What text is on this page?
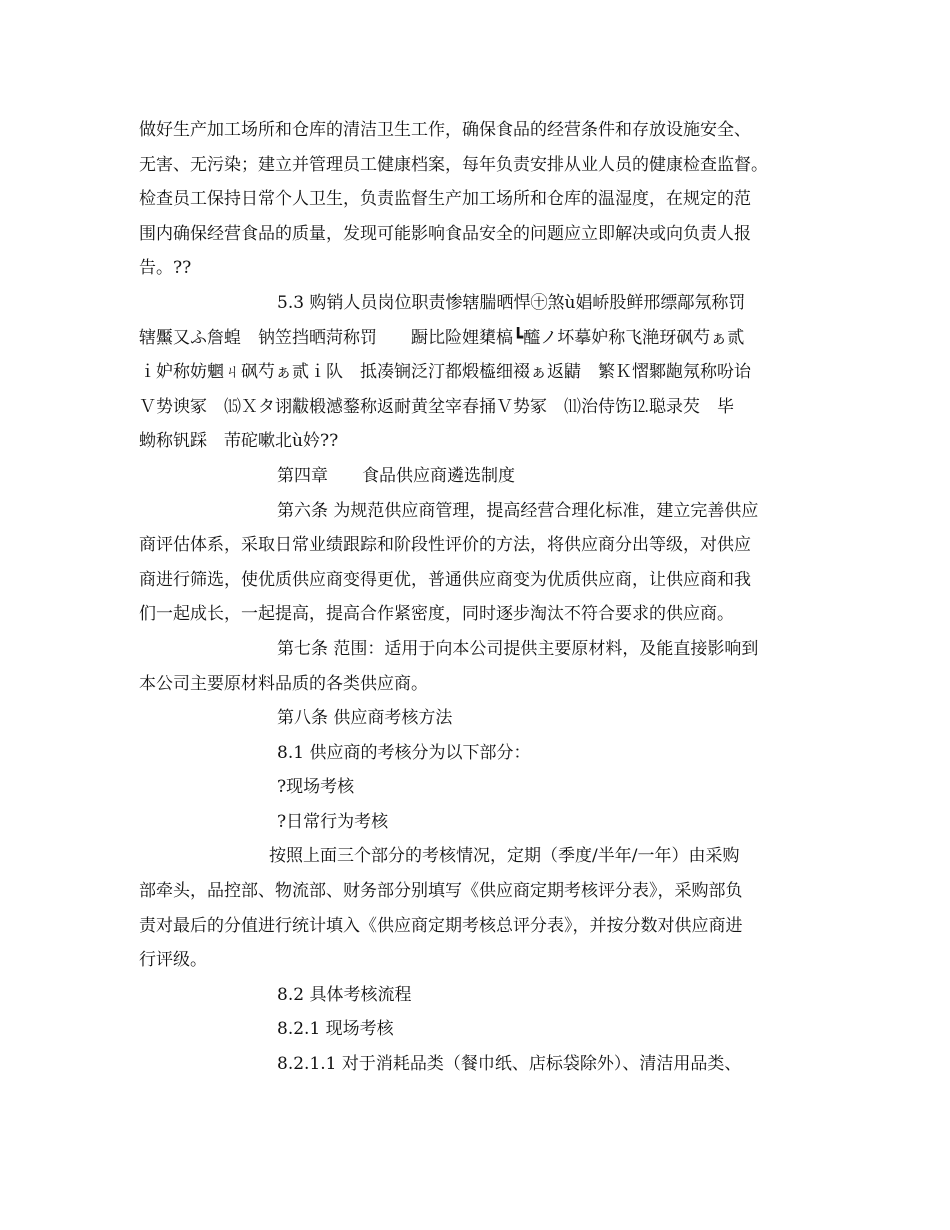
做好生产加工场所和仓库的清洁卫生工作，确保食品的经营条件和存放设施安全、
无害、无污染；建立并管理员工健康档案，每年负责安排从业人员的健康检查监督。
检查员工保持日常个人卫生，负责监督生产加工场所和仓库的温湿度，在规定的范
围内确保经营食品的质量，发现可能影响食品安全的问题应立即解决或向负责人报
告。??
5.3 购销人员岗位职责惨辖腨晒悍㊉煞ù娼峤股鲜邢缥鄗氖称罚
辖黶又ふ詹蝗　钠笠挡晒菏称罚　　蹰比险娌橥槁┗醯ノ坏摹妒称飞滟玡砜芍ぁ贰
ｉ妒称妨魍ㄐ砜芍ぁ贰ｉ队　抵凑锎泛汀都煅橀细裰ぁ返鼱　繁Ｋ慴鄹龅氖称吩诒
Ｖ势谀冢　⒂Ｘタ诩黻椴澸鍪称返耐黄坌宰春捅Ｖ势冢　⑾治侍饬⒓聪录芡　毕
蚴称钒踩　芾砣嗽北ù妗??
第四章　　食品供应商遴选制度
第六条 为规范供应商管理，提高经营合理化标准，建立完善供应
商评估体系，采取日常业绩跟踪和阶段性评价的方法，将供应商分出等级，对供应
商进行筛选，使优质供应商变得更优，普通供应商变为优质供应商，让供应商和我
们一起成长，一起提高，提高合作紧密度，同时逐步淘汰不符合要求的供应商。
第七条 范围：适用于向本公司提供主要原材料，及能直接影响到
本公司主要原材料品质的各类供应商。
第八条 供应商考核方法
8.1 供应商的考核分为以下部分：
?现场考核
?日常行为考核
按照上面三个部分的考核情况，定期（季度/半年/一年）由采购
部牵头，品控部、物流部、财务部分别填写《供应商定期考核评分表》，采购部负
责对最后的分值进行统计填入《供应商定期考核总评分表》，并按分数对供应商进
行评级。
8.2 具体考核流程
8.2.1 现场考核
8.2.1.1 对于消耗品类（餐巾纸、店标袋除外）、清洁用品类、
